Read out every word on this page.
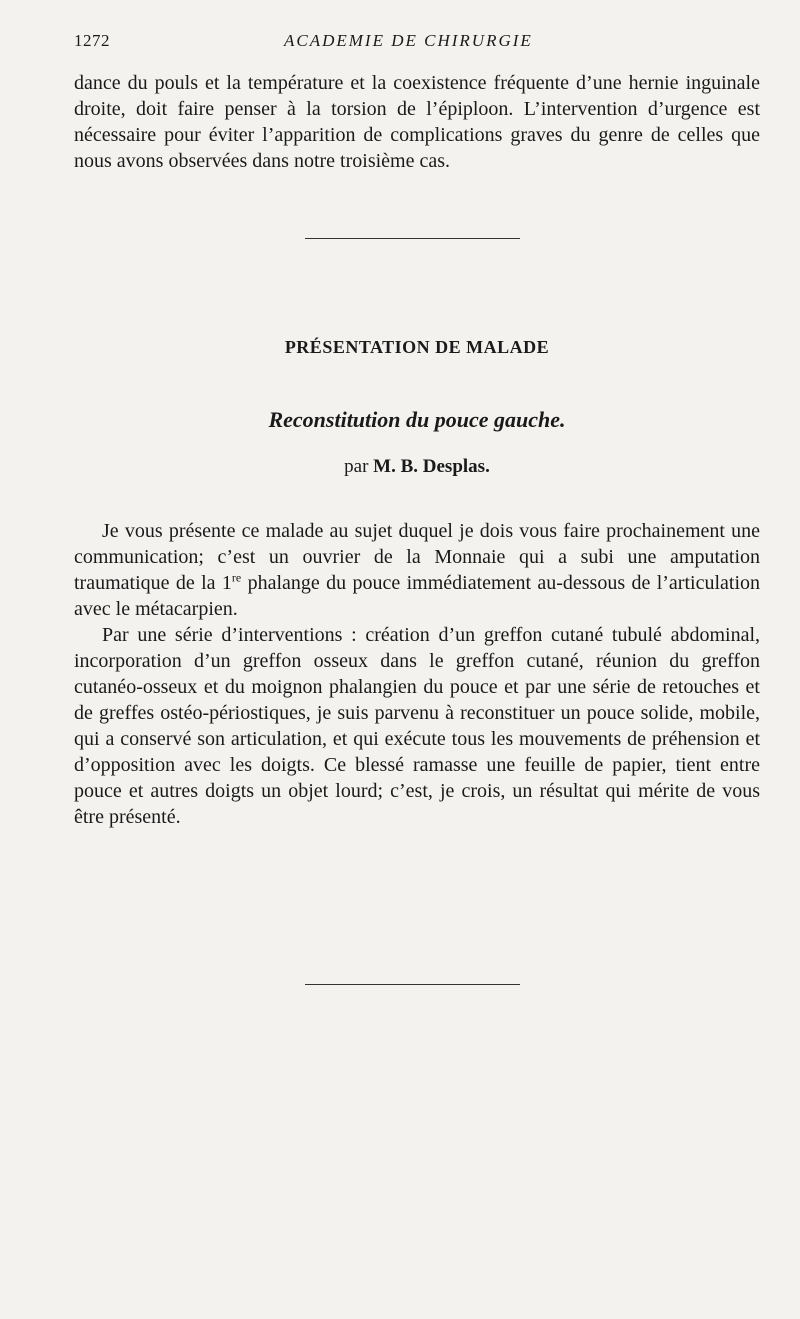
1272	ACADEMIE DE CHIRURGIE

dance du pouls et la température et la coexistence fréquente d’une hernie inguinale droite, doit faire penser à la torsion de l’épiploon. L’intervention d’urgence est nécessaire pour éviter l’apparition de complications graves du genre de celles que nous avons observées dans notre troisième cas.

PRÉSENTATION DE MALADE
Reconstitution du pouce gauche.
par M. B. Desplas.

Je vous présente ce malade au sujet duquel je dois vous faire prochainement une communication; c’est un ouvrier de la Monnaie qui a subi une amputation traumatique de la 1re phalange du pouce immédiatement au-dessous de l’articulation avec le métacarpien.

Par une série d’interventions : création d’un greffon cutané tubulé abdominal, incorporation d’un greffon osseux dans le greffon cutané, réunion du greffon cutanéo-osseux et du moignon phalangien du pouce et par une série de retouches et de greffes ostéo-périostiques, je suis parvenu à reconstituer un pouce solide, mobile, qui a conservé son articulation, et qui exécute tous les mouvements de préhension et d’opposition avec les doigts. Ce blessé ramasse une feuille de papier, tient entre pouce et autres doigts un objet lourd; c’est, je crois, un résultat qui mérite de vous être présenté.
